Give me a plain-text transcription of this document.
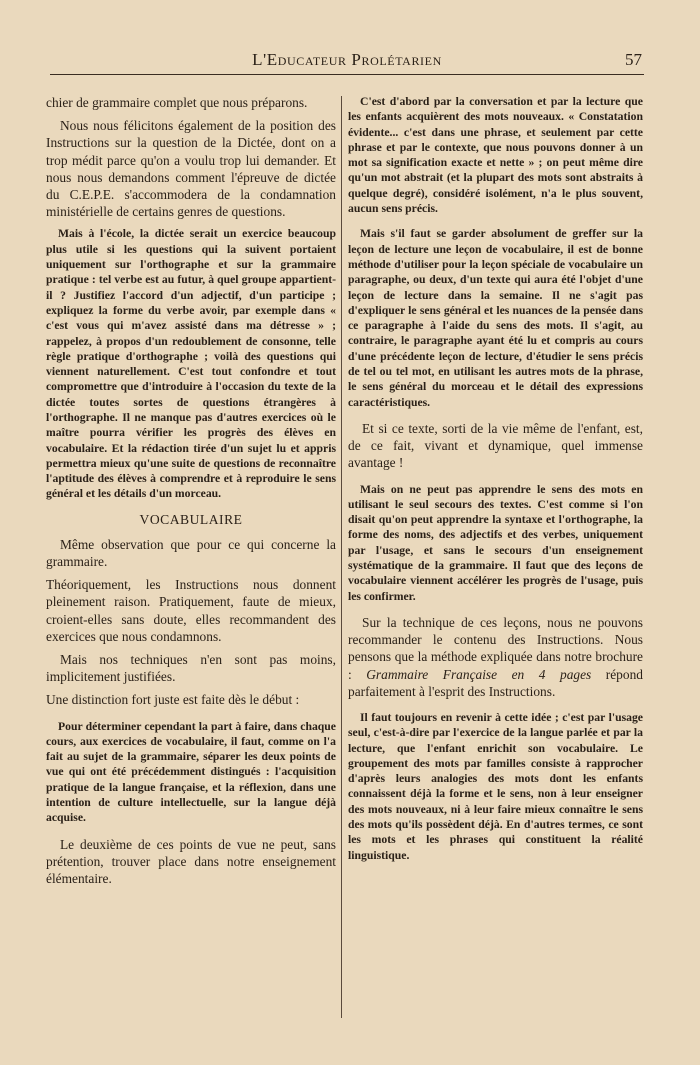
L'Educateur Prolétarien	57

chier de grammaire complet que nous préparons.

Nous nous félicitons également de la position des Instructions sur la question de la Dictée, dont on a trop médit parce qu'on a voulu trop lui demander. Et nous nous demandons comment l'épreuve de dictée du C.E.P.E. s'accommodera de la condamnation ministérielle de certains genres de questions.

Mais à l'école, la dictée serait un exercice beaucoup plus utile si les questions qui la suivent portaient uniquement sur l'orthographe et sur la grammaire pratique : tel verbe est au futur, à quel groupe appartient-il ? Justifiez l'accord d'un adjectif, d'un participe ; expliquez la forme du verbe avoir, par exemple dans « c'est vous qui m'avez assisté dans ma détresse » ; rappelez, à propos d'un redoublement de consonne, telle règle pratique d'orthographe ; voilà des questions qui viennent naturellement. C'est tout confondre et tout compromettre que d'introduire à l'occasion du texte de la dictée toutes sortes de questions étrangères à l'orthographe. Il ne manque pas d'autres exercices où le maître pourra vérifier les progrès des élèves en vocabulaire. Et la rédaction tirée d'un sujet lu et appris permettra mieux qu'une suite de questions de reconnaître l'aptitude des élèves à comprendre et à reproduire le sens général et les détails d'un morceau.

VOCABULAIRE

Même observation que pour ce qui concerne la grammaire.

Théoriquement, les Instructions nous donnent pleinement raison. Pratiquement, faute de mieux, croient-elles sans doute, elles recommandent des exercices que nous condamnons.

Mais nos techniques n'en sont pas moins, implicitement justifiées.

Une distinction fort juste est faite dès le début :

Pour déterminer cependant la part à faire, dans chaque cours, aux exercices de vocabulaire, il faut, comme on l'a fait au sujet de la grammaire, séparer les deux points de vue qui ont été précédemment distingués : l'acquisition pratique de la langue française, et la réflexion, dans une intention de culture intellectuelle, sur la langue déjà acquise.

Le deuxième de ces points de vue ne peut, sans prétention, trouver place dans notre enseignement élémentaire.

C'est d'abord par la conversation et par la lecture que les enfants acquièrent des mots nouveaux. « Constatation évidente... c'est dans une phrase, et seulement par cette phrase et par le contexte, que nous pouvons donner à un mot sa signification exacte et nette » ; on peut même dire qu'un mot abstrait (et la plupart des mots sont abstraits à quelque degré), considéré isolément, n'a le plus souvent, aucun sens précis.

Mais s'il faut se garder absolument de greffer sur la leçon de lecture une leçon de vocabulaire, il est de bonne méthode d'utiliser pour la leçon spéciale de vocabulaire un paragraphe, ou deux, d'un texte qui aura été l'objet d'une leçon de lecture dans la semaine. Il ne s'agit pas d'expliquer le sens général et les nuances de la pensée dans ce paragraphe à l'aide du sens des mots. Il s'agit, au contraire, le paragraphe ayant été lu et compris au cours d'une précédente leçon de lecture, d'étudier le sens précis de tel ou tel mot, en utilisant les autres mots de la phrase, le sens général du morceau et le détail des expressions caractéristiques.

Et si ce texte, sorti de la vie même de l'enfant, est, de ce fait, vivant et dynamique, quel immense avantage !

Mais on ne peut pas apprendre le sens des mots en utilisant le seul secours des textes. C'est comme si l'on disait qu'on peut apprendre la syntaxe et l'orthographe, la forme des noms, des adjectifs et des verbes, uniquement par l'usage, et sans le secours d'un enseignement systématique de la grammaire. Il faut que des leçons de vocabulaire viennent accélérer les progrès de l'usage, puis les confirmer.

Sur la technique de ces leçons, nous ne pouvons recommander le contenu des Instructions. Nous pensons que la méthode expliquée dans notre brochure : Grammaire Française en 4 pages répond parfaitement à l'esprit des Instructions.

Il faut toujours en revenir à cette idée ; c'est par l'usage seul, c'est-à-dire par l'exercice de la langue parlée et par la lecture, que l'enfant enrichit son vocabulaire. Le groupement des mots par familles consiste à rapprocher d'après leurs analogies des mots dont les enfants connaissent déjà la forme et le sens, non à leur enseigner des mots nouveaux, ni à leur faire mieux connaître le sens des mots qu'ils possèdent déjà. En d'autres termes, ce sont les mots et les phrases qui constituent la réalité linguistique.
